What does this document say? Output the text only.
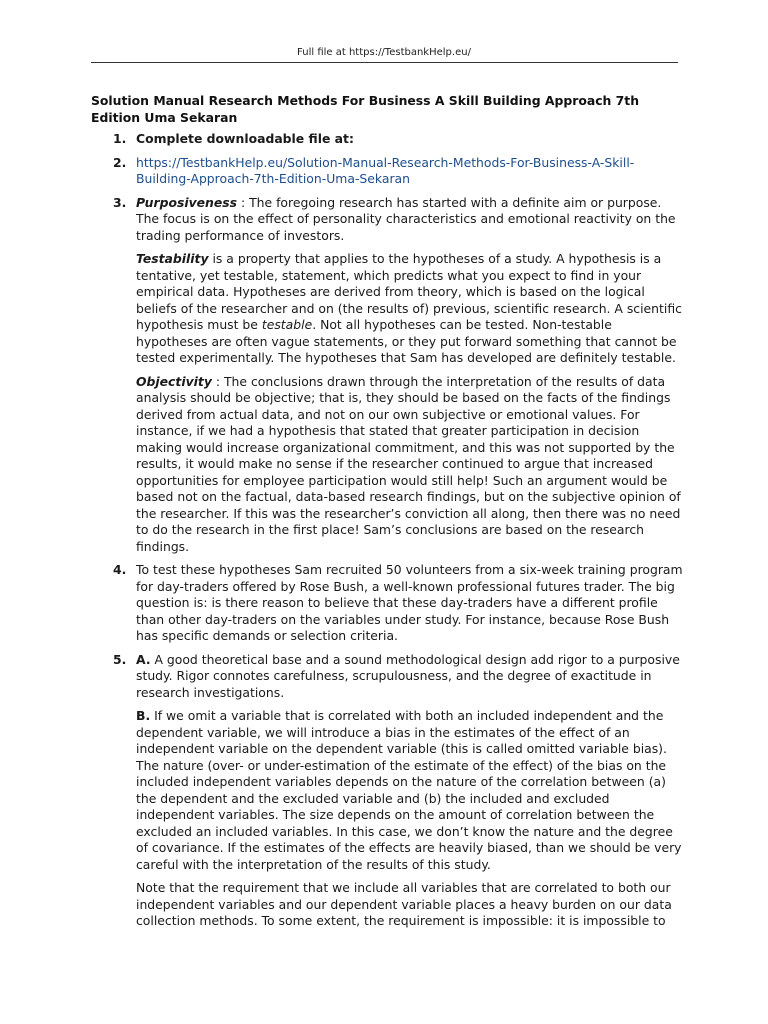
Full file at https://TestbankHelp.eu/
Solution Manual Research Methods For Business A Skill Building Approach 7th Edition Uma Sekaran
1. Complete downloadable file at:

2. https://TestbankHelp.eu/Solution-Manual-Research-Methods-For-Business-A-Skill-Building-Approach-7th-Edition-Uma-Sekaran

3. Purposiveness : The foregoing research has started with a definite aim or purpose. The focus is on the effect of personality characteristics and emotional reactivity on the trading performance of investors.

Testability is a property that applies to the hypotheses of a study. A hypothesis is a tentative, yet testable, statement, which predicts what you expect to find in your empirical data. Hypotheses are derived from theory, which is based on the logical beliefs of the researcher and on (the results of) previous, scientific research. A scientific hypothesis must be testable. Not all hypotheses can be tested. Non-testable hypotheses are often vague statements, or they put forward something that cannot be tested experimentally. The hypotheses that Sam has developed are definitely testable.

Objectivity : The conclusions drawn through the interpretation of the results of data analysis should be objective; that is, they should be based on the facts of the findings derived from actual data, and not on our own subjective or emotional values. For instance, if we had a hypothesis that stated that greater participation in decision making would increase organizational commitment, and this was not supported by the results, it would make no sense if the researcher continued to argue that increased opportunities for employee participation would still help! Such an argument would be based not on the factual, data-based research findings, but on the subjective opinion of the researcher. If this was the researcher’s conviction all along, then there was no need to do the research in the first place! Sam’s conclusions are based on the research findings.

4. To test these hypotheses Sam recruited 50 volunteers from a six-week training program for day-traders offered by Rose Bush, a well-known professional futures trader. The big question is: is there reason to believe that these day-traders have a different profile than other day-traders on the variables under study. For instance, because Rose Bush has specific demands or selection criteria.

5. A. A good theoretical base and a sound methodological design add rigor to a purposive study. Rigor connotes carefulness, scrupulousness, and the degree of exactitude in research investigations.

B. If we omit a variable that is correlated with both an included independent and the dependent variable, we will introduce a bias in the estimates of the effect of an independent variable on the dependent variable (this is called omitted variable bias). The nature (over- or under-estimation of the estimate of the effect) of the bias on the included independent variables depends on the nature of the correlation between (a) the dependent and the excluded variable and (b) the included and excluded independent variables. The size depends on the amount of correlation between the excluded an included variables. In this case, we don’t know the nature and the degree of covariance. If the estimates of the effects are heavily biased, than we should be very careful with the interpretation of the results of this study.

Note that the requirement that we include all variables that are correlated to both our independent variables and our dependent variable places a heavy burden on our data collection methods. To some extent, the requirement is impossible: it is impossible to
